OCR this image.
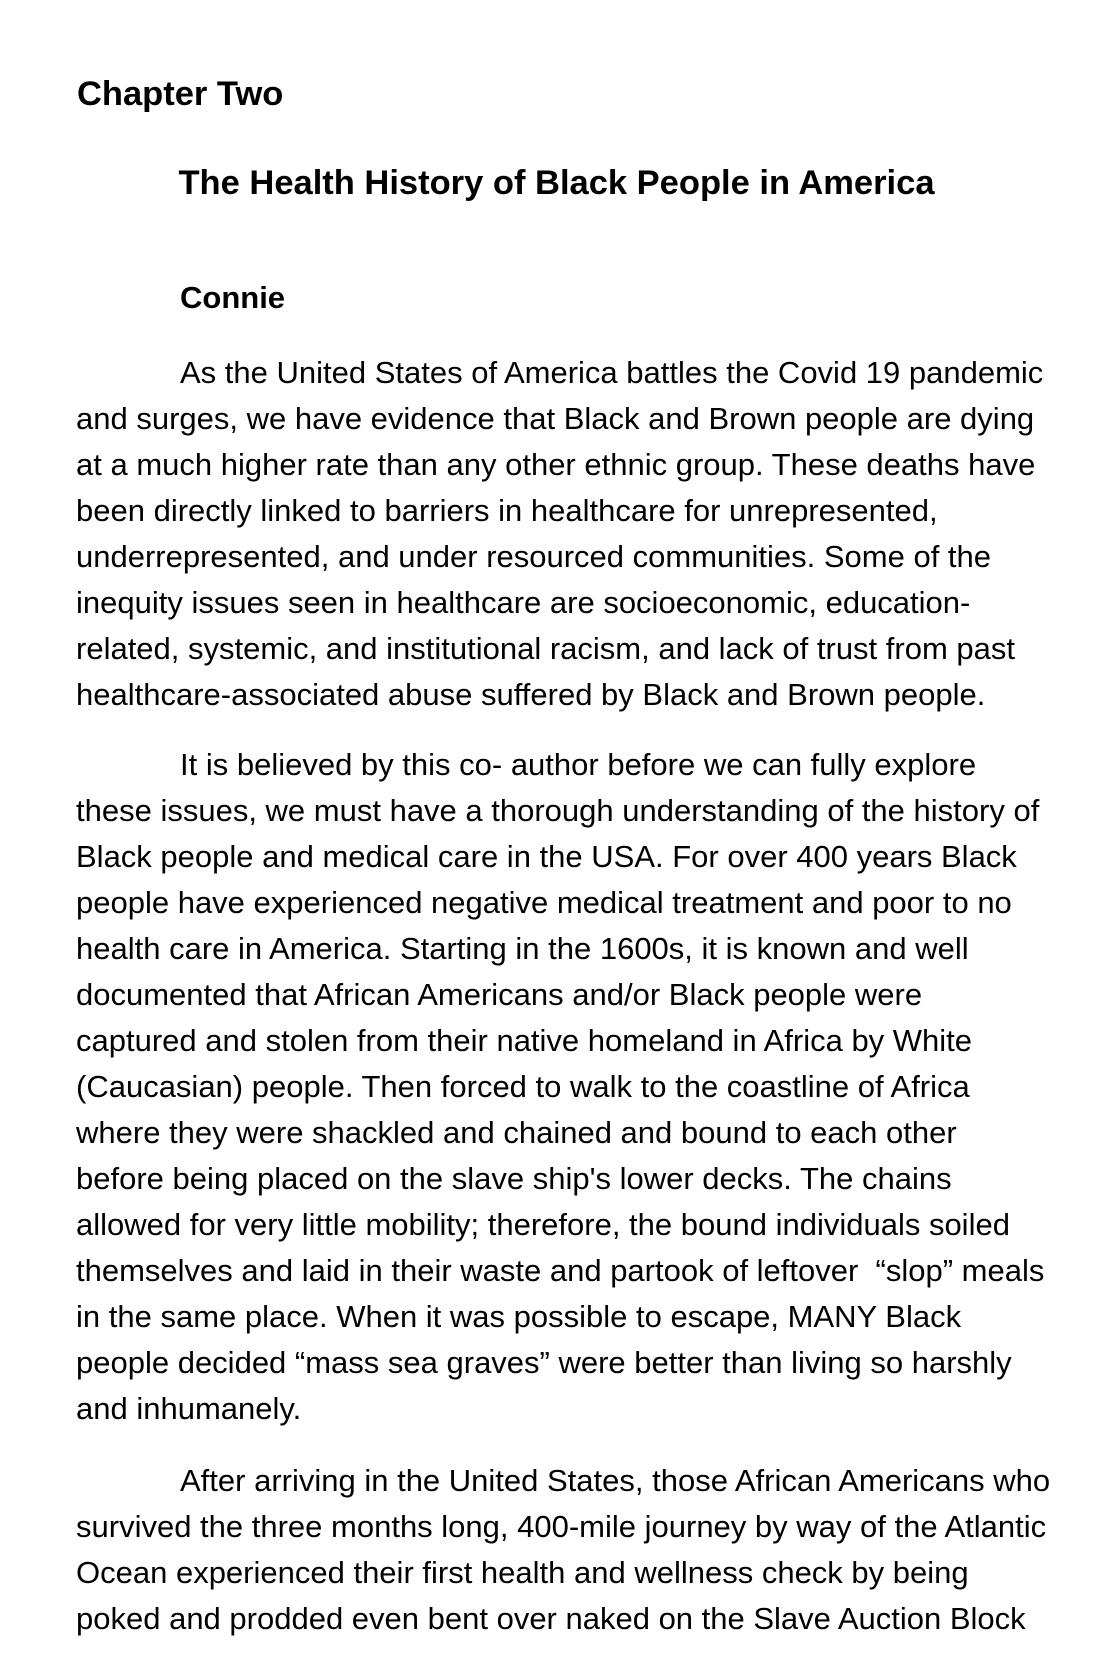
Chapter Two
The Health History of Black People in America
Connie
As the United States of America battles the Covid 19 pandemic
and surges, we have evidence that Black and Brown people are dying
at a much higher rate than any other ethnic group. These deaths have
been directly linked to barriers in healthcare for unrepresented,
underrepresented, and under resourced communities. Some of the
inequity issues seen in healthcare are socioeconomic, education-
related, systemic, and institutional racism, and lack of trust from past
healthcare-associated abuse suffered by Black and Brown people.
It is believed by this co- author before we can fully explore
these issues, we must have a thorough understanding of the history of
Black people and medical care in the USA. For over 400 years Black
people have experienced negative medical treatment and poor to no
health care in America. Starting in the 1600s, it is known and well
documented that African Americans and/or Black people were
captured and stolen from their native homeland in Africa by White
(Caucasian) people. Then forced to walk to the coastline of Africa
where they were shackled and chained and bound to each other
before being placed on the slave ship's lower decks. The chains
allowed for very little mobility; therefore, the bound individuals soiled
themselves and laid in their waste and partook of leftover  “slop” meals
in the same place. When it was possible to escape, MANY Black
people decided “mass sea graves” were better than living so harshly
and inhumanely.
After arriving in the United States, those African Americans who
survived the three months long, 400-mile journey by way of the Atlantic
Ocean experienced their first health and wellness check by being
poked and prodded even bent over naked on the Slave Auction Block
